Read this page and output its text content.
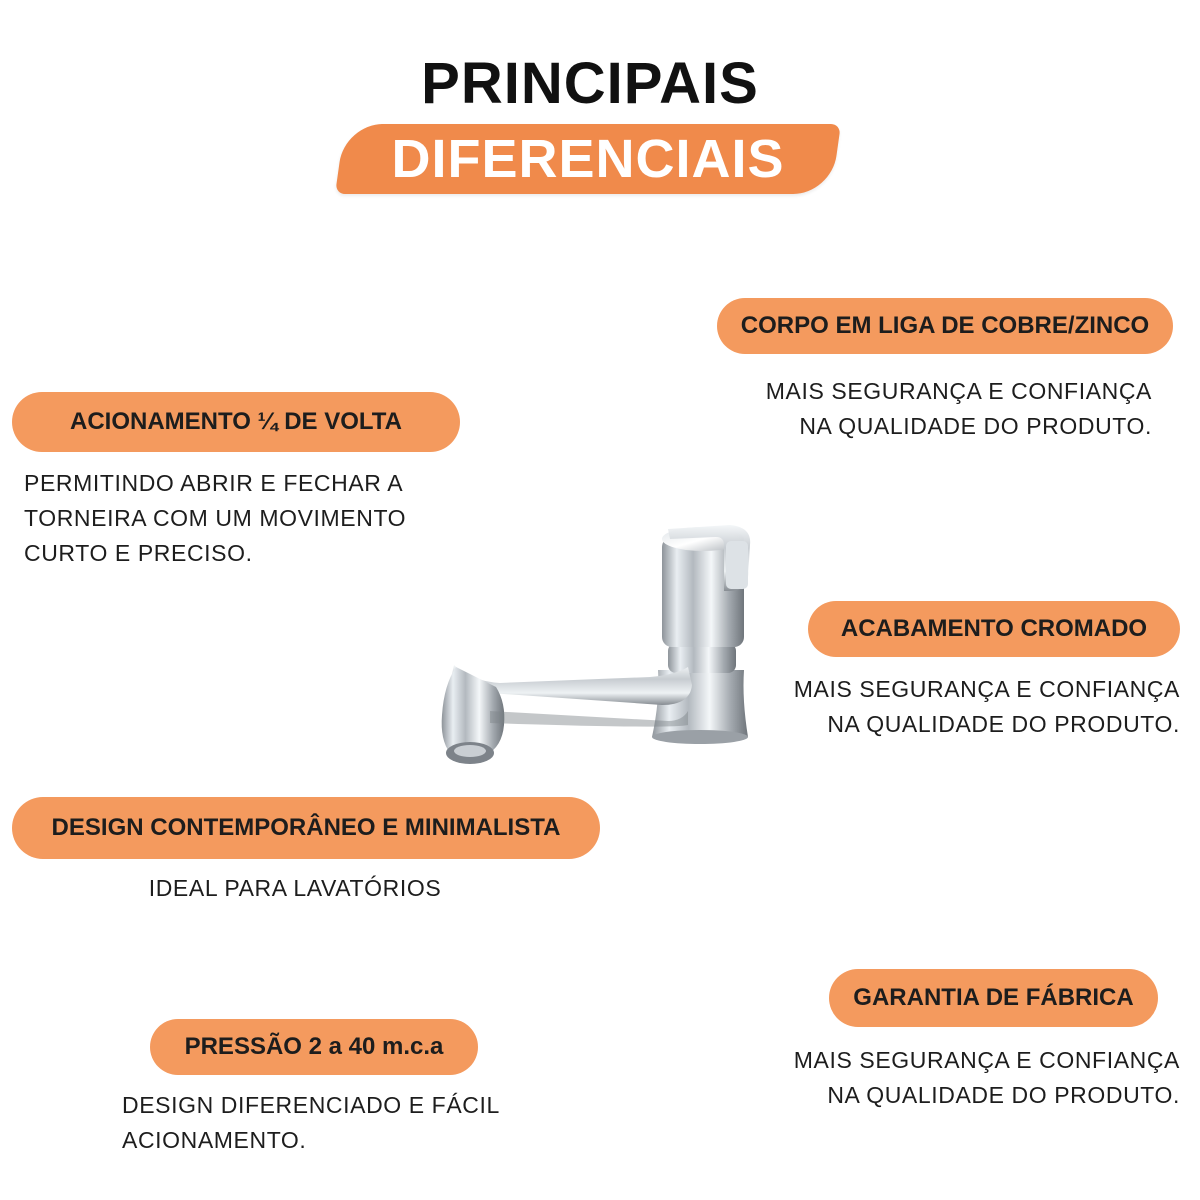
PRINCIPAIS
DIFERENCIAIS
CORPO EM LIGA DE COBRE/ZINCO
MAIS SEGURANÇA E CONFIANÇA
NA QUALIDADE DO PRODUTO.
ACIONAMENTO ¼ DE VOLTA
PERMITINDO ABRIR E FECHAR A
TORNEIRA COM UM MOVIMENTO
CURTO E PRECISO.
ACABAMENTO CROMADO
MAIS SEGURANÇA E CONFIANÇA
NA QUALIDADE DO PRODUTO.
DESIGN CONTEMPORÂNEO E MINIMALISTA
IDEAL PARA LAVATÓRIOS
GARANTIA DE FÁBRICA
MAIS SEGURANÇA E CONFIANÇA
NA QUALIDADE DO PRODUTO.
PRESSÃO 2 a 40 m.c.a
DESIGN DIFERENCIADO E FÁCIL
ACIONAMENTO.
